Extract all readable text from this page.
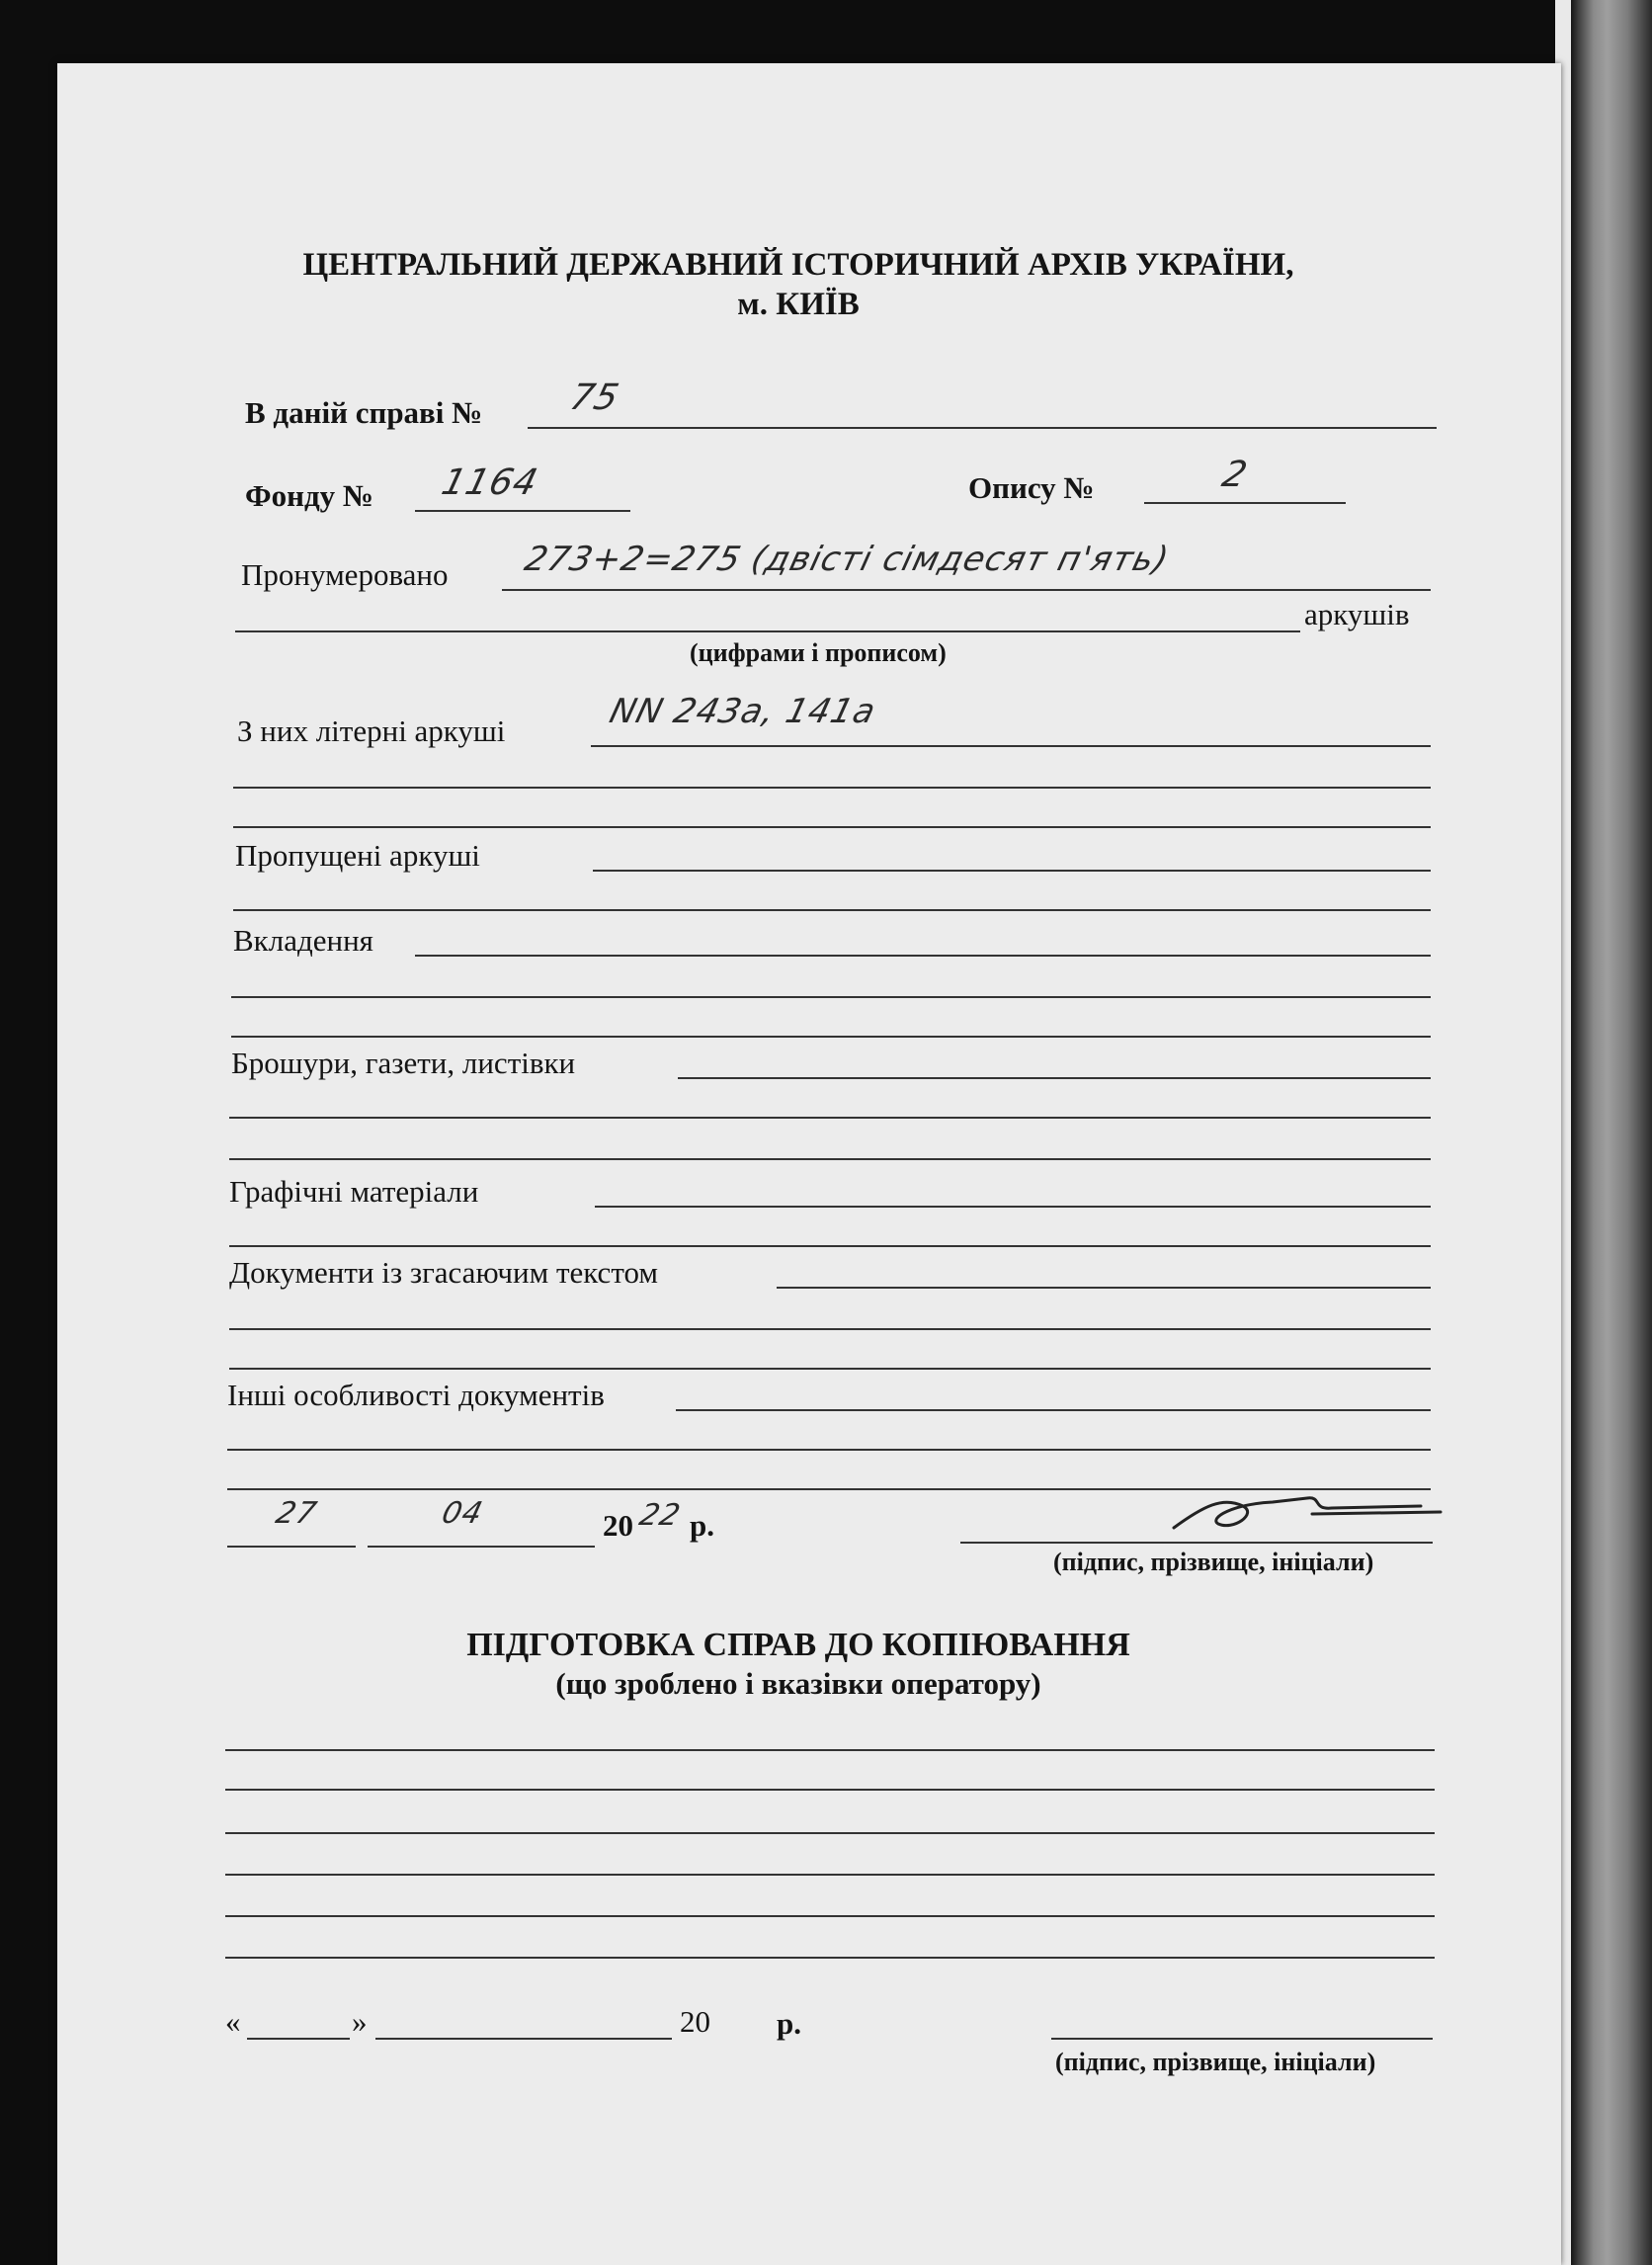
ЦЕНТРАЛЬНИЙ ДЕРЖАВНИЙ ІСТОРИЧНИЙ АРХІВ УКРАЇНИ,
м. КИЇВ
В даній справі № 75
Фонду № 1164	Опису №	2
Пронумеровано 273+2=275 (двісті сімдесят п'ять)
аркушів
(цифрами і прописом)
З них літерні аркуші	NN 243а, 141а
Пропущені аркуші
Вкладення
Брошури, газети, листівки
Графічні матеріали
Документи із згасаючим текстом
Інші особливості документів
27	04	20 22 р.
(підпис, прізвище, ініціали)
ПІДГОТОВКА СПРАВ ДО КОПІЮВАННЯ
(що зроблено і вказівки оператору)
«	»	20 р.
(підпис, прізвище, ініціали)
